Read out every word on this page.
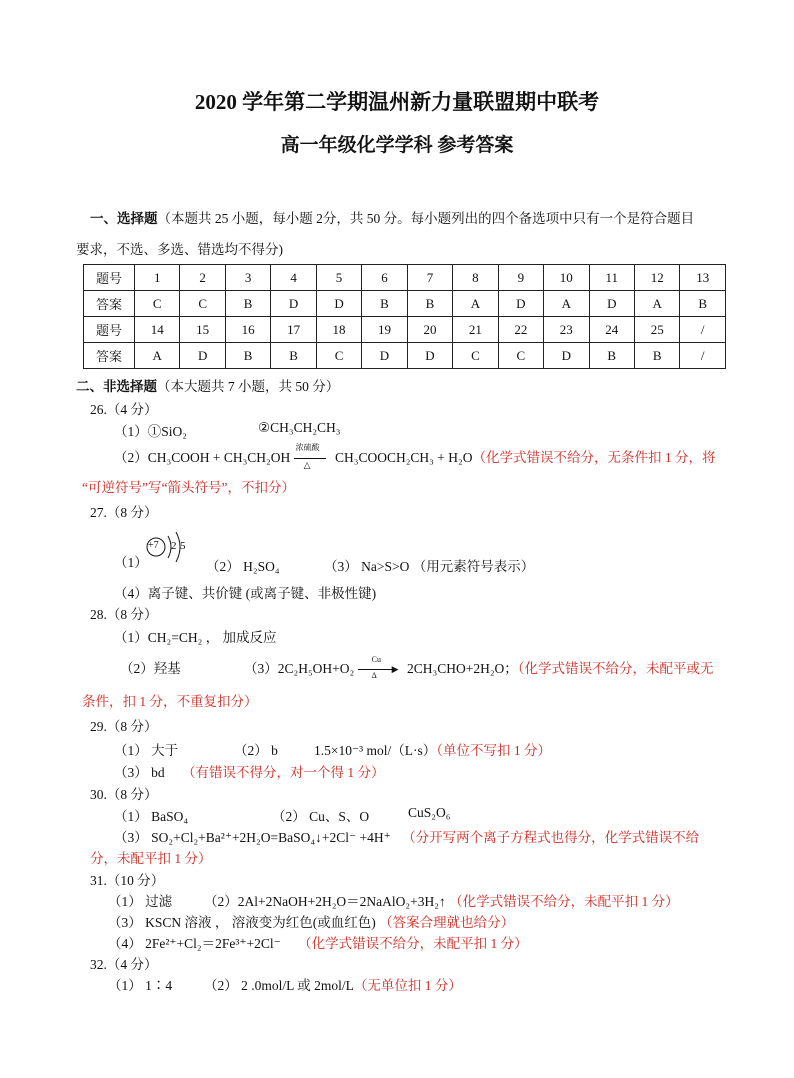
2020 学年第二学期温州新力量联盟期中联考
高一年级化学学科 参考答案
一、选择题（本题共 25 小题，每小题 2分，共 50 分。每小题列出的四个备选项中只有一个是符合题目
要求，不选、多选、错选均不得分)
题号	1	2	3	4	5	6	7	8	9	10	11	12	13
答案	C	C	B	D	D	B	B	A	D	A	D	A	B
题号	14	15	16	17	18	19	20	21	22	23	24	25	/
答案	A	D	B	B	C	D	D	C	C	D	B	B	/
二、非选择题（本大题共 7 小题，共 50 分）
26.（4 分）
（1）①SiO₂	②CH₃CH₂CH₃
（2）CH₃COOH + CH₃CH₂OH
浓硫酸
△ CH₃COOCH₂CH₃ + H₂O（化学式错误不给分，无条件扣 1 分，将
“可逆符号”写“箭头符号”，不扣分）
27.（8 分）
（1）
+7 2 5
（2） H₂SO₄	（3） Na>S>O （用元素符号表示）
（4）离子键、共价键 (或离子键、非极性键)
28.（8 分）
（1）CH₂=CH₂ ， 加成反应
（2）羟基	（3）2C₂H₅OH+O₂
Cu
▶
Δ 2CH₃CHO+2H₂O；（化学式错误不给分，未配平或无
条件，扣 1 分，不重复扣分）
29.（8 分）
（1） 大于	（2） b	1.5×10⁻³ mol/（L·s）（单位不写扣 1 分）
（3） bd （有错误不得分，对一个得 1 分）
30.（8 分）
（1） BaSO₄	（2） Cu、S、O	CuS₂O₆
（3） SO₂+Cl₂+Ba²⁺+2H₂O=BaSO₄↓+2Cl⁻ +4H⁺ （分开写两个离子方程式也得分，化学式错误不给
分，未配平扣 1 分）
31.（10 分）
（1） 过滤 （2）2Al+2NaOH+2H₂O＝2NaAlO₂+3H₂↑ （化学式错误不给分，未配平扣 1 分）
（3） KSCN 溶液 ， 溶液变为红色(或血红色) （答案合理就也给分）
（4） 2Fe²⁺+Cl₂＝2Fe³⁺+2Cl⁻ （化学式错误不给分，未配平扣 1 分）
32.（4 分）
（1） 1∶4 （2） 2 .0mol/L 或 2mol/L（无单位扣 1 分）
